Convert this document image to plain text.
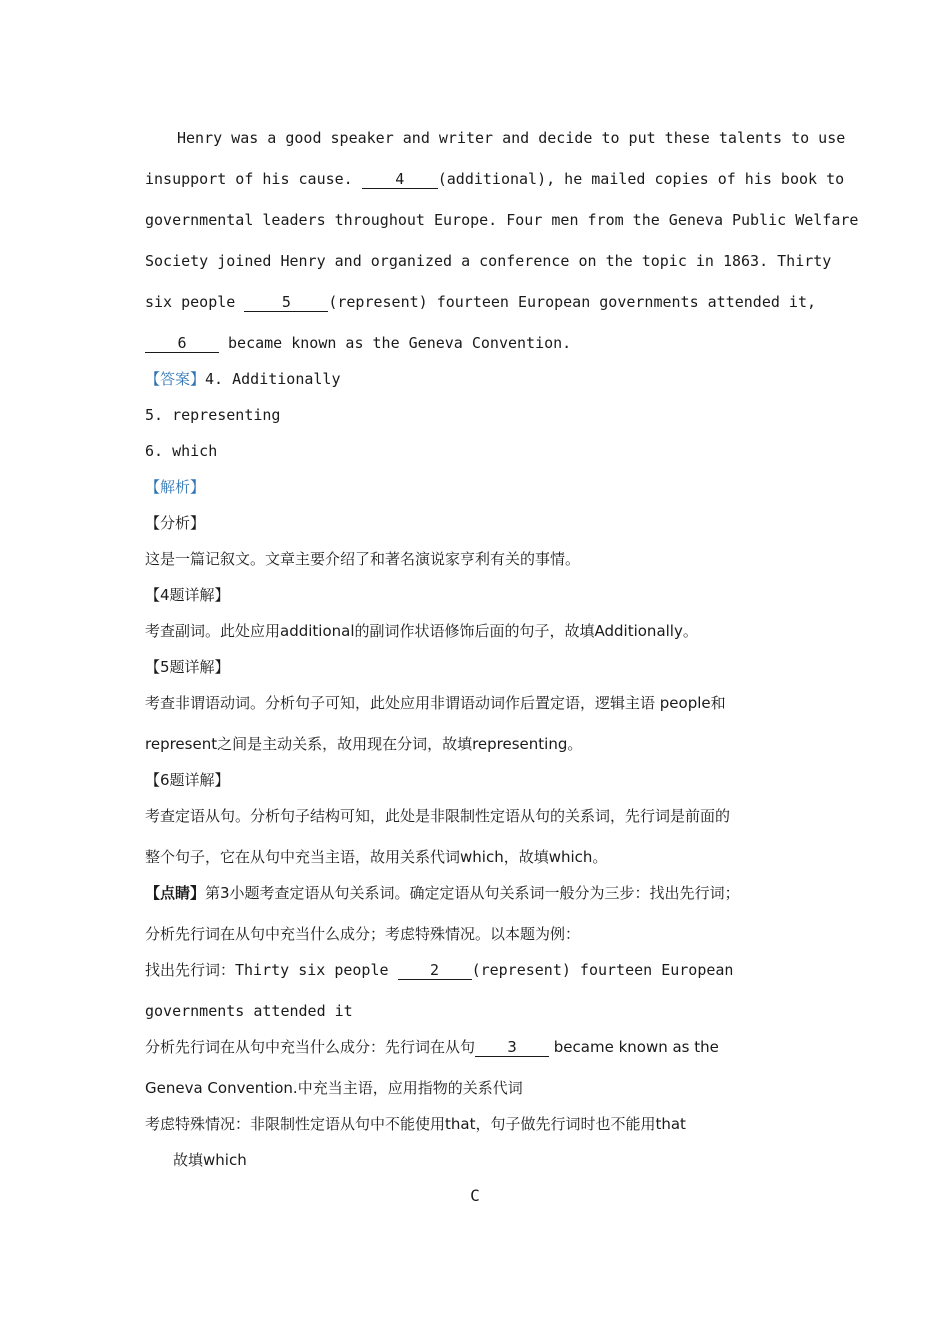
Henry was a good speaker and writer and decide to put these talents to use
insupport of his cause. 4 (additional), he mailed copies of his book to
governmental leaders throughout Europe. Four men from the Geneva Public Welfare
Society joined Henry and organized a conference on the topic in 1863. Thirty
six people 5 (represent) fourteen European governments attended it,
6 became known as the Geneva Convention.
【答案】4. Additionally
5. representing
6. which
【解析】
【分析】
这是一篇记叙文。文章主要介绍了和著名演说家亨利有关的事情。
【4题详解】
考查副词。此处应用additional的副词作状语修饰后面的句子，故填Additionally。
【5题详解】
考查非谓语动词。分析句子可知，此处应用非谓语动词作后置定语，逻辑主语 people和
represent之间是主动关系，故用现在分词，故填representing。
【6题详解】
考查定语从句。分析句子结构可知，此处是非限制性定语从句的关系词，先行词是前面的
整个句子，它在从句中充当主语，故用关系代词which，故填which。
【点睛】第3小题考查定语从句关系词。确定定语从句关系词一般分为三步：找出先行词；
分析先行词在从句中充当什么成分；考虑特殊情况。以本题为例：
找出先行词：Thirty six people 2 (represent) fourteen European
governments attended it
分析先行词在从句中充当什么成分：先行词在从句 3 became known as the
Geneva Convention.中充当主语，应用指物的关系代词
考虑特殊情况：非限制性定语从句中不能使用that，句子做先行词时也不能用that
故填which
C
